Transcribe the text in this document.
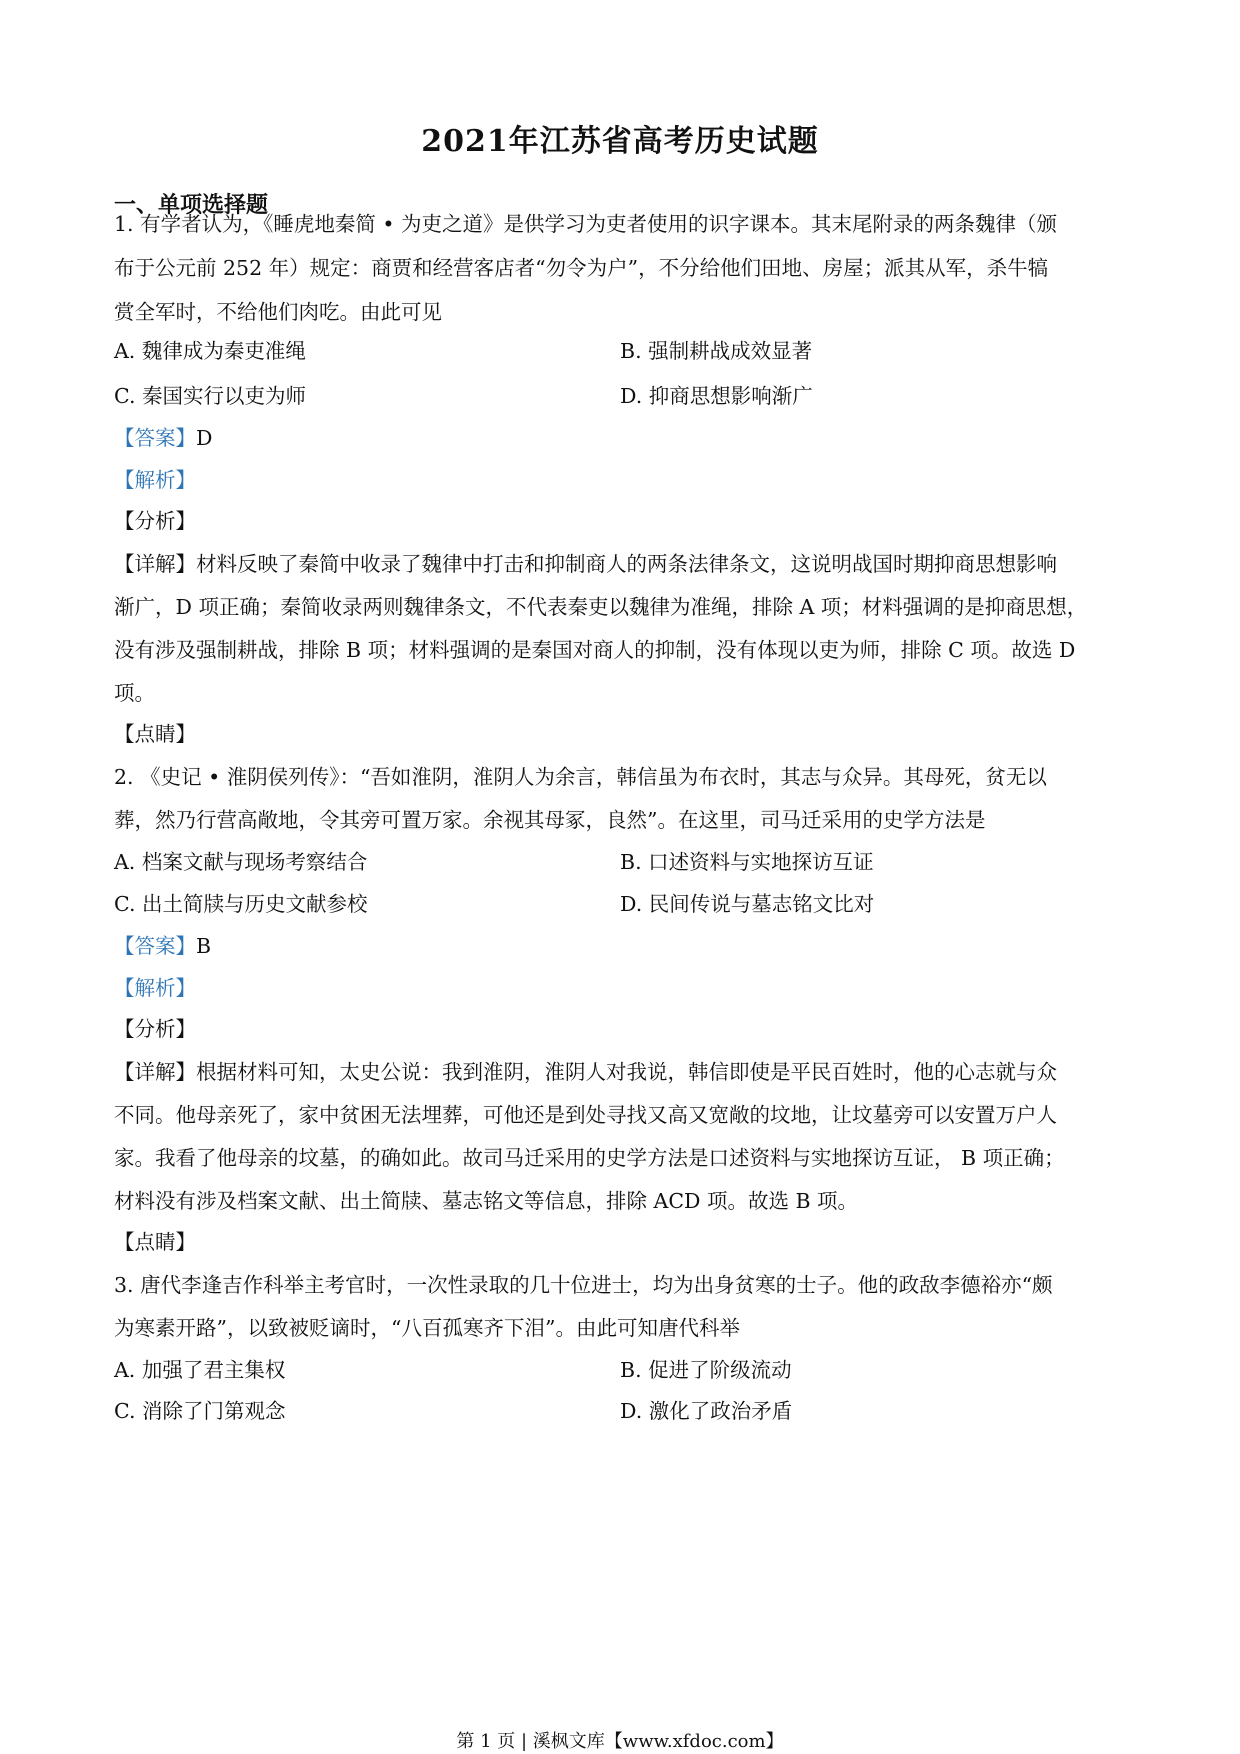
2021年江苏省高考历史试题
一、单项选择题
1. 有学者认为，《睡虎地秦简 • 为吏之道》是供学习为吏者使用的识字课本。其末尾附录的两条魏律（颁
布于公元前 252 年）规定：商贾和经营客店者“勿令为户”，不分给他们田地、房屋；派其从军，杀牛犒
赏全军时，不给他们肉吃。由此可见
A. 魏律成为秦吏准绳	B. 强制耕战成效显著
C. 秦国实行以吏为师	D. 抑商思想影响渐广
【答案】D
【解析】
【分析】
【详解】材料反映了秦简中收录了魏律中打击和抑制商人的两条法律条文，这说明战国时期抑商思想影响
渐广，D 项正确；秦简收录两则魏律条文，不代表秦吏以魏律为准绳，排除 A 项；材料强调的是抑商思想，
没有涉及强制耕战，排除 B 项；材料强调的是秦国对商人的抑制，没有体现以吏为师，排除 C 项。故选 D
项。
【点睛】
2. 《史记 • 淮阴侯列传》：“吾如淮阴，淮阴人为余言，韩信虽为布衣时，其志与众异。其母死，贫无以
葬，然乃行营高敞地，令其旁可置万家。余视其母冢，良然”。在这里，司马迁采用的史学方法是
A. 档案文献与现场考察结合	B. 口述资料与实地探访互证
C. 出土简牍与历史文献参校	D. 民间传说与墓志铭文比对
【答案】B
【解析】
【分析】
【详解】根据材料可知，太史公说：我到淮阴，淮阴人对我说，韩信即使是平民百姓时，他的心志就与众
不同。他母亲死了，家中贫困无法埋葬，可他还是到处寻找又高又宽敞的坟地，让坟墓旁可以安置万户人
家。我看了他母亲的坟墓，的确如此。故司马迁采用的史学方法是口述资料与实地探访互证， B 项正确；
材料没有涉及档案文献、出土简牍、墓志铭文等信息，排除 ACD 项。故选 B 项。
【点睛】
3. 唐代李逢吉作科举主考官时，一次性录取的几十位进士，均为出身贫寒的士子。他的政敌李德裕亦“颇
为寒素开路”，以致被贬谪时，“八百孤寒齐下泪”。由此可知唐代科举
A. 加强了君主集权	B. 促进了阶级流动
C. 消除了门第观念	D. 激化了政治矛盾
第 1 页 | 溪枫文库【www.xfdoc.com】
